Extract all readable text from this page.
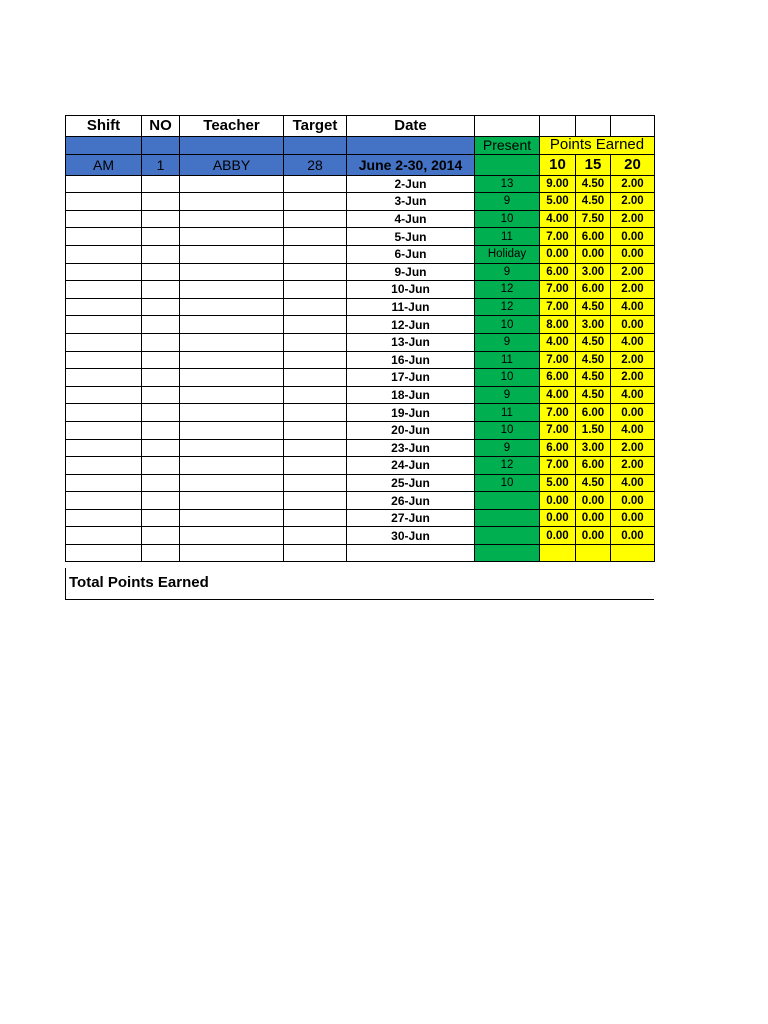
Shift	NO	Teacher	Target	Date				
					Present	Points Earned		
AM	1	ABBY	28	June 2-30, 2014		10	15	20
				2-Jun	13	9.00	4.50	2.00
				3-Jun	9	5.00	4.50	2.00
				4-Jun	10	4.00	7.50	2.00
				5-Jun	11	7.00	6.00	0.00
				6-Jun	Holiday	0.00	0.00	0.00
				9-Jun	9	6.00	3.00	2.00
				10-Jun	12	7.00	6.00	2.00
				11-Jun	12	7.00	4.50	4.00
				12-Jun	10	8.00	3.00	0.00
				13-Jun	9	4.00	4.50	4.00
				16-Jun	11	7.00	4.50	2.00
				17-Jun	10	6.00	4.50	2.00
				18-Jun	9	4.00	4.50	4.00
				19-Jun	11	7.00	6.00	0.00
				20-Jun	10	7.00	1.50	4.00
				23-Jun	9	6.00	3.00	2.00
				24-Jun	12	7.00	6.00	2.00
				25-Jun	10	5.00	4.50	4.00
				26-Jun		0.00	0.00	0.00
				27-Jun		0.00	0.00	0.00
				30-Jun		0.00	0.00	0.00

Total Points Earned
